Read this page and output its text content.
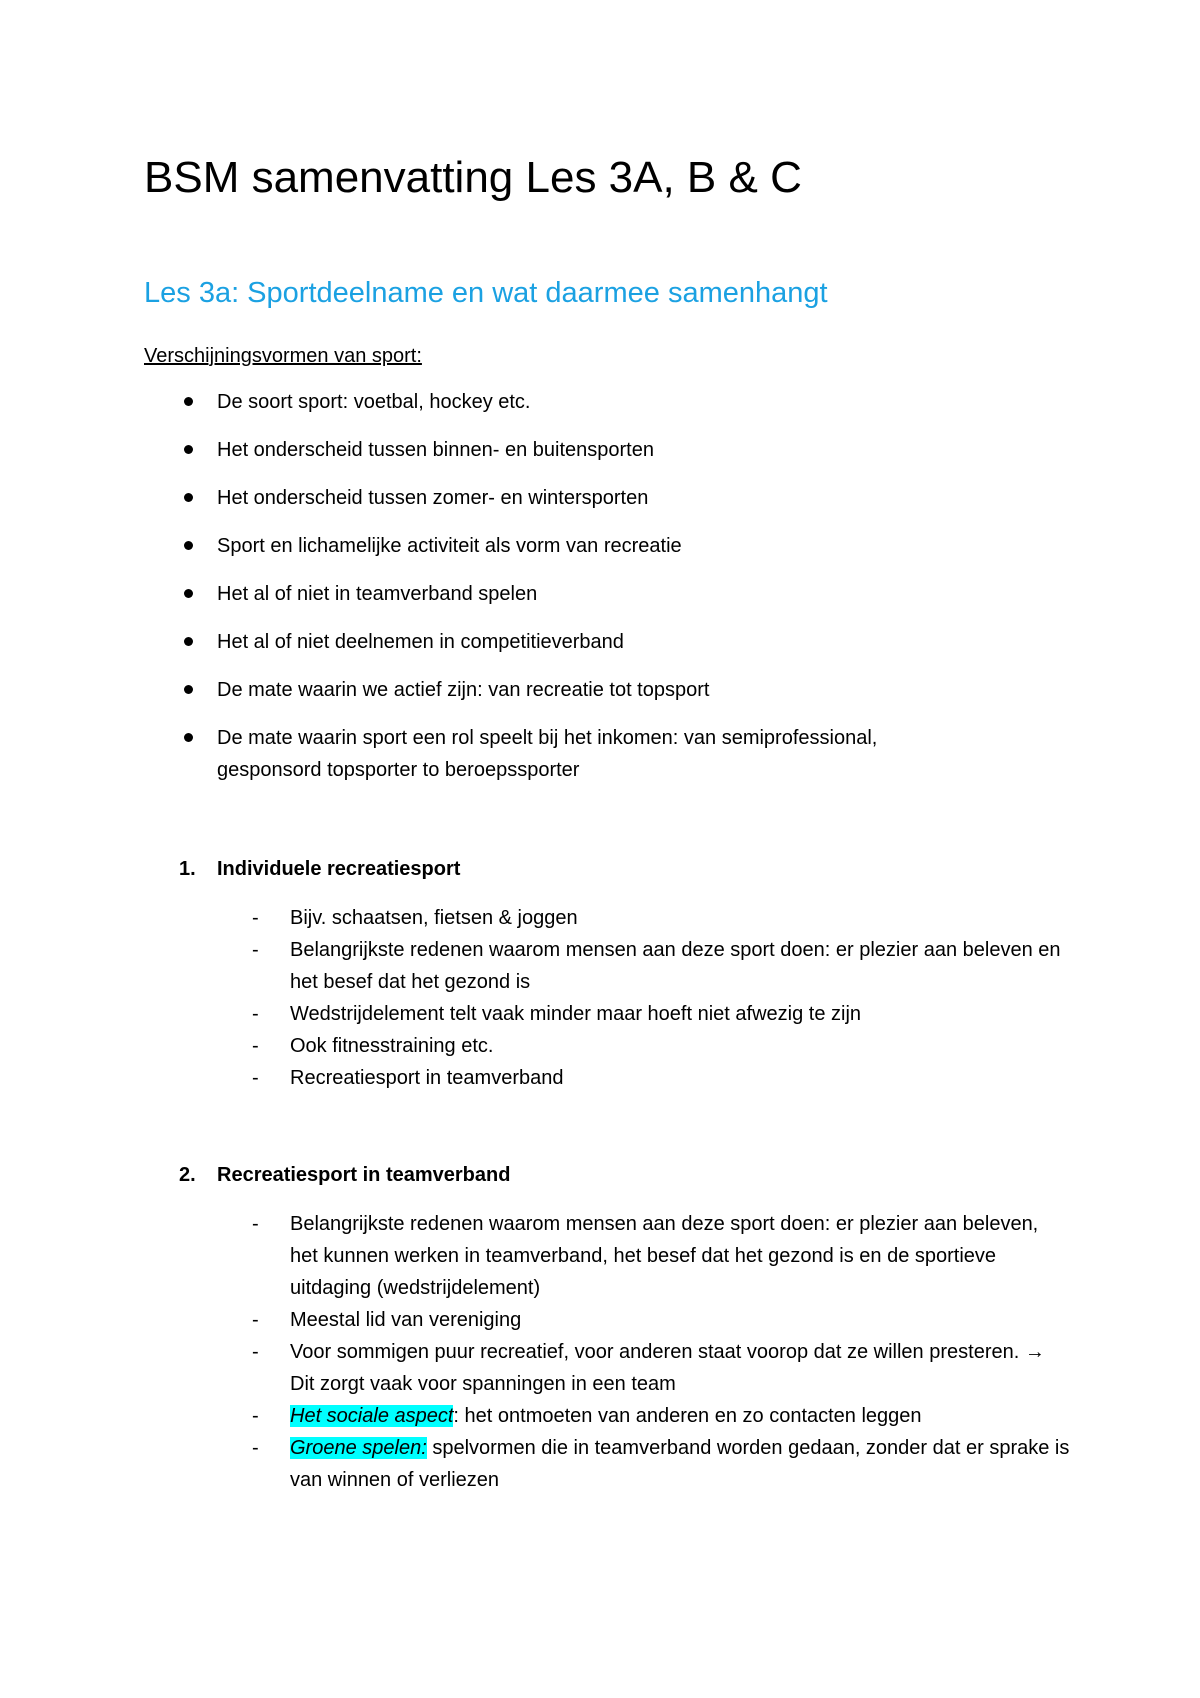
BSM samenvatting Les 3A, B & C
Les 3a: Sportdeelname en wat daarmee samenhangt
Verschijningsvormen van sport:
De soort sport: voetbal, hockey etc.
Het onderscheid tussen binnen- en buitensporten
Het onderscheid tussen zomer- en wintersporten
Sport en lichamelijke activiteit als vorm van recreatie
Het al of niet in teamverband spelen
Het al of niet deelnemen in competitieverband
De mate waarin we actief zijn: van recreatie tot topsport
De mate waarin sport een rol speelt bij het inkomen: van semiprofessional, gesponsord topsporter to beroepssporter
1. Individuele recreatiesport
- Bijv. schaatsen, fietsen & joggen
- Belangrijkste redenen waarom mensen aan deze sport doen: er plezier aan beleven en het besef dat het gezond is
- Wedstrijdelement telt vaak minder maar hoeft niet afwezig te zijn
- Ook fitnesstraining etc.
- Recreatiesport in teamverband
2. Recreatiesport in teamverband
- Belangrijkste redenen waarom mensen aan deze sport doen: er plezier aan beleven, het kunnen werken in teamverband, het besef dat het gezond is en de sportieve uitdaging (wedstrijdelement)
- Meestal lid van vereniging
- Voor sommigen puur recreatief, voor anderen staat voorop dat ze willen presteren. → Dit zorgt vaak voor spanningen in een team
- Het sociale aspect: het ontmoeten van anderen en zo contacten leggen
- Groene spelen: spelvormen die in teamverband worden gedaan, zonder dat er sprake is van winnen of verliezen
